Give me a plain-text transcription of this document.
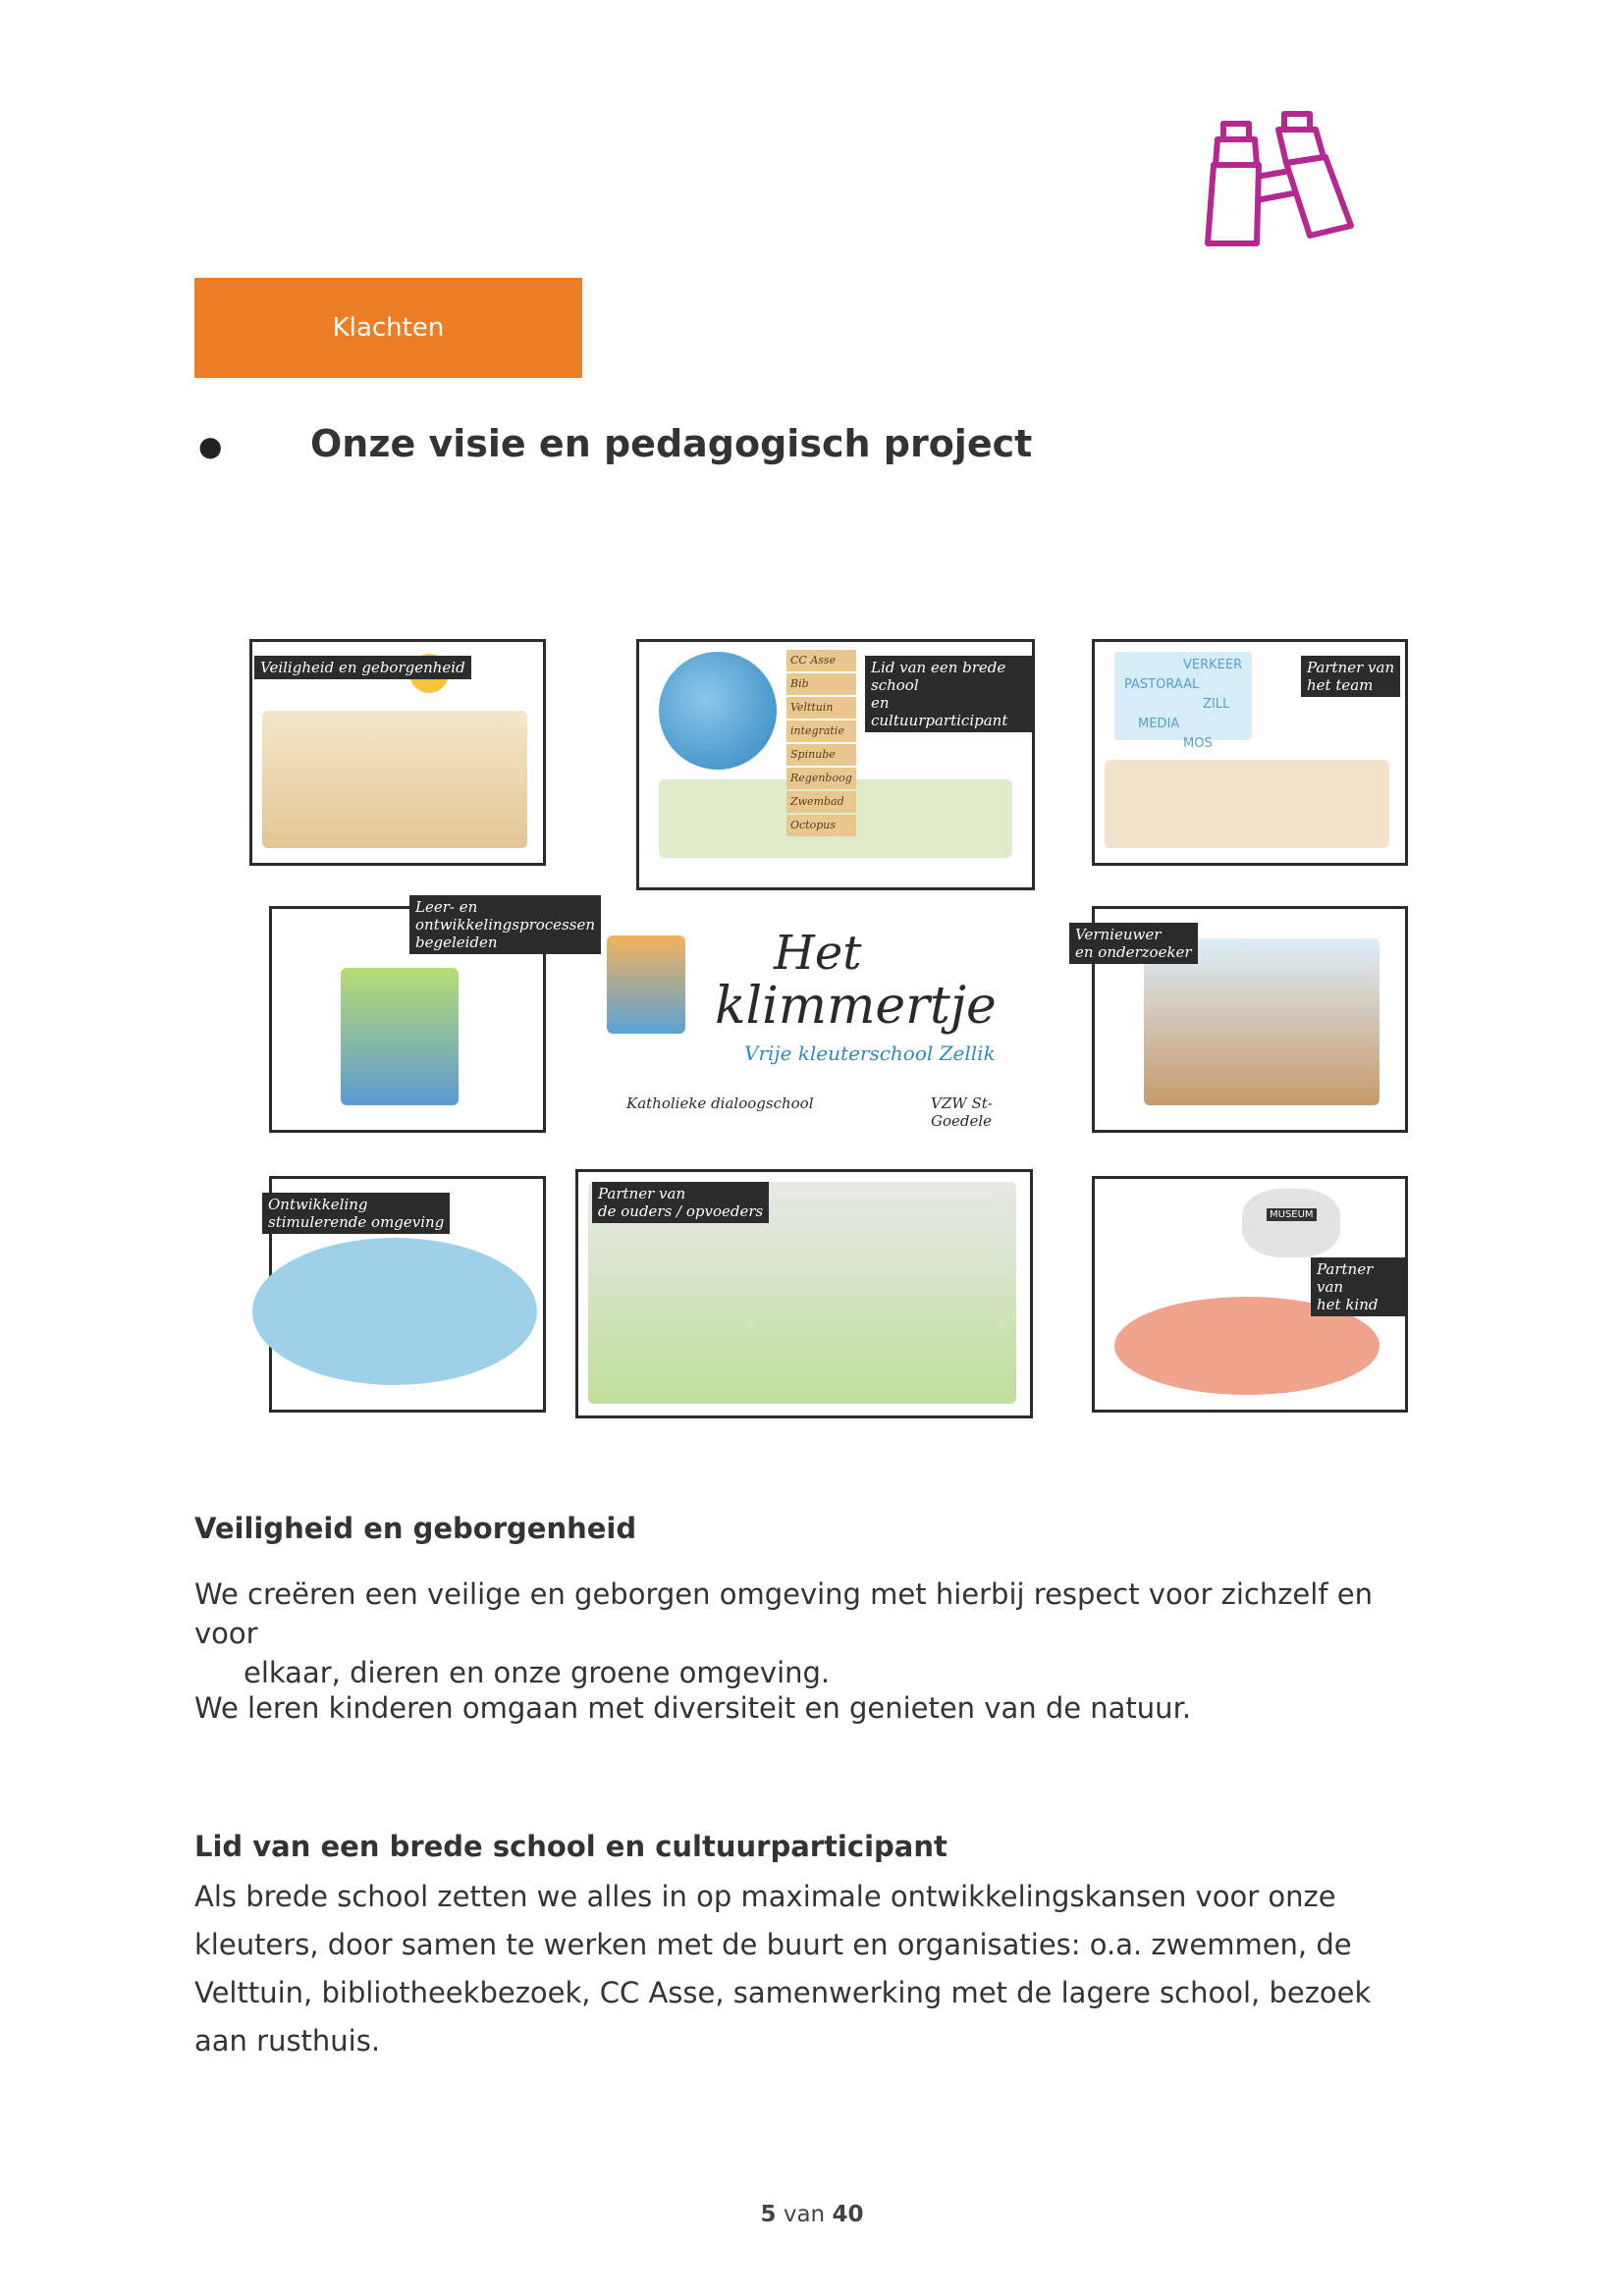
Klachten
● Onze visie en pedagogisch project
Veiligheid en geborgenheid	Lid van een brede school
en cultuurparticipant
CC Asse
Bib
Velttuin
integratie
Spinube
Regenboog
Zwembad
Octopus
VERKEER
PASTORAAL
ZILL
MEDIA
MOS
Partner van
het team
Leer- en
ontwikkelingsprocessen
begeleiden	Het
klimmertje
Vrije kleuterschool Zellik
Katholieke dialoogschool	VZW St-Goedele
Vernieuwer
en onderzoeker
Ontwikkeling
stimulerende omgeving
Partner van
de ouders / opvoeders	MUSEUM
Partner van
het kind
Veiligheid en geborgenheid
We creëren een veilige en geborgen omgeving met hierbij respect voor zichzelf en voor
elkaar, dieren en onze groene omgeving.
We leren kinderen omgaan met diversiteit en genieten van de natuur.
Lid van een brede school en cultuurparticipant
Als brede school zetten we alles in op maximale ontwikkelingskansen voor onze kleuters, door samen te werken met de buurt en organisaties: o.a. zwemmen, de Velttuin, bibliotheekbezoek, CC Asse, samenwerking met de lagere school, bezoek aan rusthuis.
5 van 40
